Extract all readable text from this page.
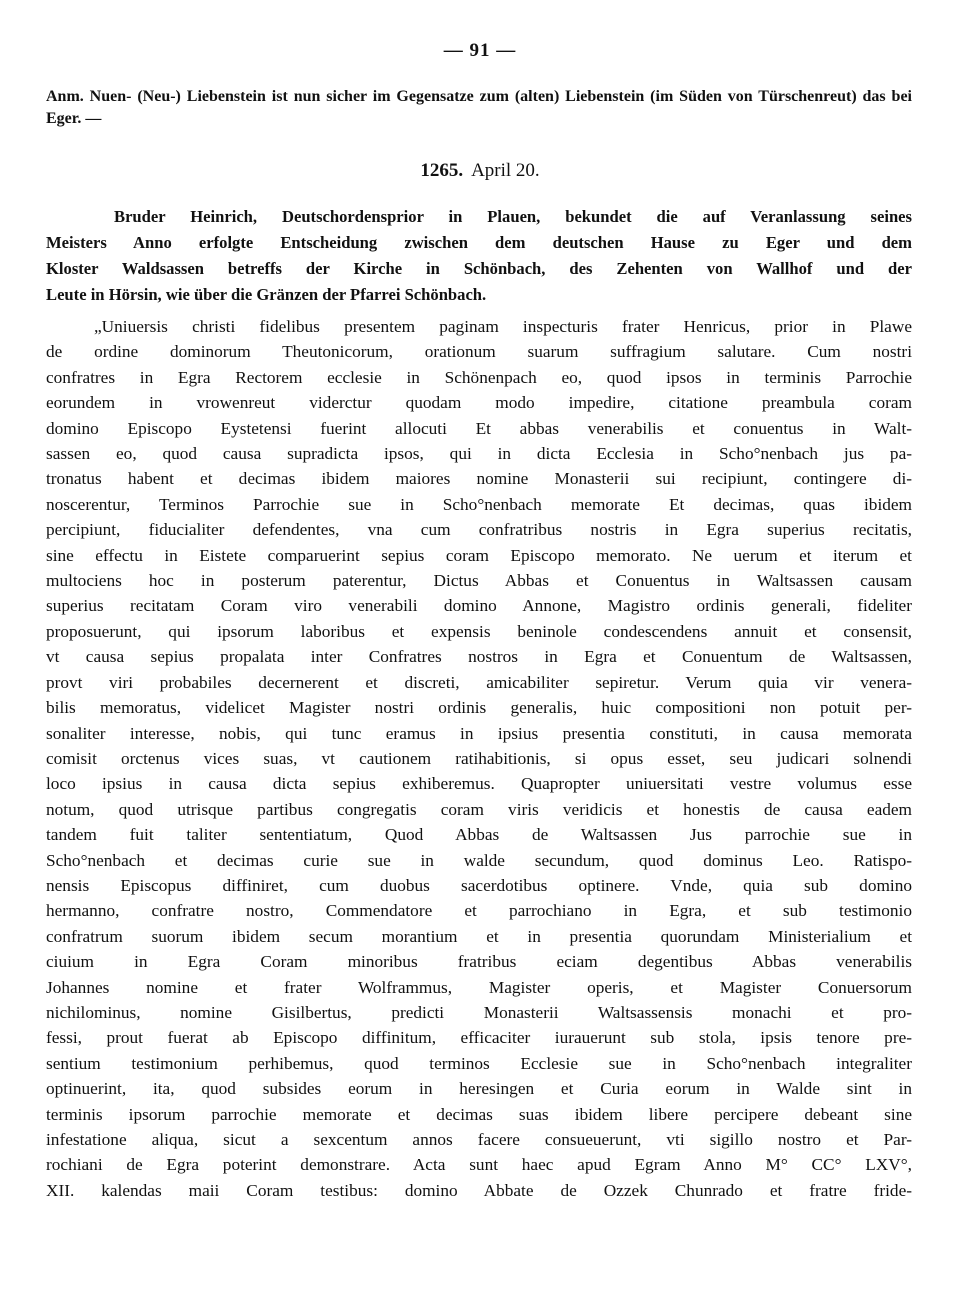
— 91 —
Anm. Nuen- (Neu-) Liebenstein ist nun sicher im Gegensatze zum (alten) Liebenstein (im Süden von Türschenreut) das bei Eger. —
1265. April 20.
Bruder Heinrich, Deutschordensprior in Plauen, bekundet die auf Veranlassung seines
Meisters Anno erfolgte Entscheidung zwischen dem deutschen Hause zu Eger und dem
Kloster Waldsassen betreffs der Kirche in Schönbach, des Zehenten von Wallhof und der
Leute in Hörsin, wie über die Gränzen der Pfarrei Schönbach.
„Uniuersis christi fidelibus presentem paginam inspecturis frater Henricus, prior in Plawe
de ordine dominorum Theutonicorum, orationum suarum suffragium salutare. Cum nostri
confratres in Egra Rectorem ecclesie in Schönenpach eo, quod ipsos in terminis Parrochie
eorundem in vrowenreut viderctur quodam modo impedire, citatione preambula coram
domino Episcopo Eystetensi fuerint allocuti Et abbas venerabilis et conuentus in Walt-
sassen eo, quod causa supradicta ipsos, qui in dicta Ecclesia in Scho°nenbach jus pa-
tronatus habent et decimas ibidem maiores nomine Monasterii sui recipiunt, contingere di-
noscerentur, Terminos Parrochie sue in Scho°nenbach memorate Et decimas, quas ibidem
percipiunt, fiducialiter defendentes, vna cum confratribus nostris in Egra superius recitatis,
sine effectu in Eistete comparuerint sepius coram Episcopo memorato. Ne uerum et iterum et
multociens hoc in posterum paterentur, Dictus Abbas et Conuentus in Waltsassen causam
superius recitatam Coram viro venerabili domino Annone, Magistro ordinis generali, fideliter
proposuerunt, qui ipsorum laboribus et expensis beninole condescendens annuit et consensit,
vt causa sepius propalata inter Confratres nostros in Egra et Conuentum de Waltsassen,
provt viri probabiles decernerent et discreti, amicabiliter sepiretur. Verum quia vir venera-
bilis memoratus, videlicet Magister nostri ordinis generalis, huic compositioni non potuit per-
sonaliter interesse, nobis, qui tunc eramus in ipsius presentia constituti, in causa memorata
comisit orctenus vices suas, vt cautionem ratihabitionis, si opus esset, seu judicari solnendi
loco ipsius in causa dicta sepius exhiberemus. Quapropter uniuersitati vestre volumus esse
notum, quod utrisque partibus congregatis coram viris veridicis et honestis de causa eadem
tandem fuit taliter sententiatum, Quod Abbas de Waltsassen Jus parrochie sue in
Scho°nenbach et decimas curie sue in walde secundum, quod dominus Leo. Ratispo-
nensis Episcopus diffiniret, cum duobus sacerdotibus optinere. Vnde, quia sub domino
hermanno, confratre nostro, Commendatore et parrochiano in Egra, et sub testimonio
confratrum suorum ibidem secum morantium et in presentia quorundam Ministerialium et
ciuium in Egra Coram minoribus fratribus eciam degentibus Abbas venerabilis
Johannes nomine et frater Wolframmus, Magister operis, et Magister Conuersorum
nichilominus, nomine Gisilbertus, predicti Monasterii Waltsassensis monachi et pro-
fessi, prout fuerat ab Episcopo diffinitum, efficaciter iurauerunt sub stola, ipsis tenore pre-
sentium testimonium perhibemus, quod terminos Ecclesie sue in Scho°nenbach integraliter
optinuerint, ita, quod subsides eorum in heresingen et Curia eorum in Walde sint in
terminis ipsorum parrochie memorate et decimas suas ibidem libere percipere debeant sine
infestatione aliqua, sicut a sexcentum annos facere consueuerunt, vti sigillo nostro et Par-
rochiani de Egra poterint demonstrare. Acta sunt haec apud Egram Anno M° CC° LXV°,
XII. kalendas maii Coram testibus: domino Abbate de Ozzek Chunrado et fratre fride-
